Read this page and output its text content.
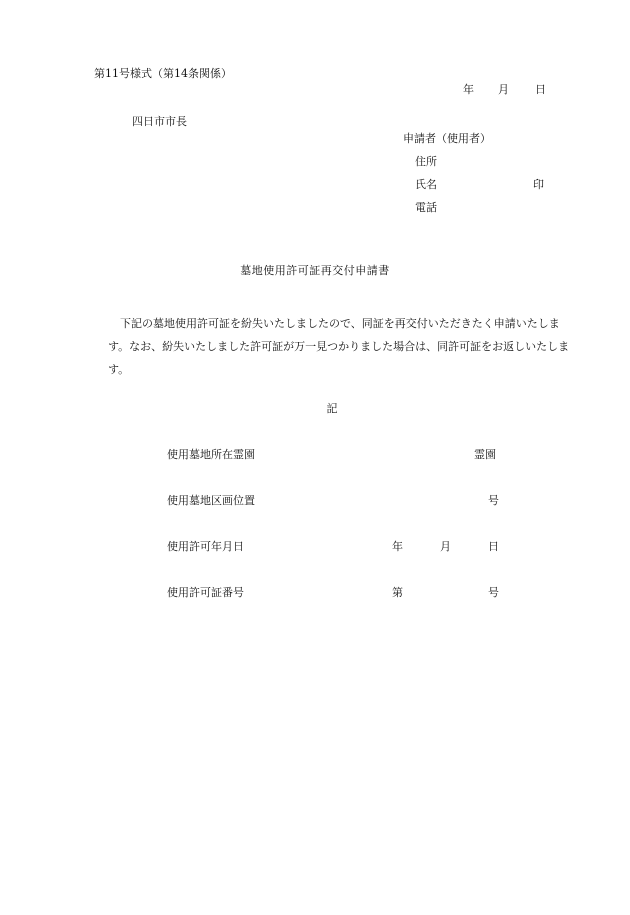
第11号様式（第14条関係）
年 月 日
四日市市長
申請者（使用者）
住所
氏名	印
電話
墓地使用許可証再交付申請書
下記の墓地使用許可証を紛失いたしましたので、同証を再交付いただきたく申請いたします。なお、紛失いたしました許可証が万一見つかりました場合は、同許可証をお返しいたします。
記
使用墓地所在霊園	霊園
使用墓地区画位置	号
使用許可年月日	年	月	日
使用許可証番号	第	号
